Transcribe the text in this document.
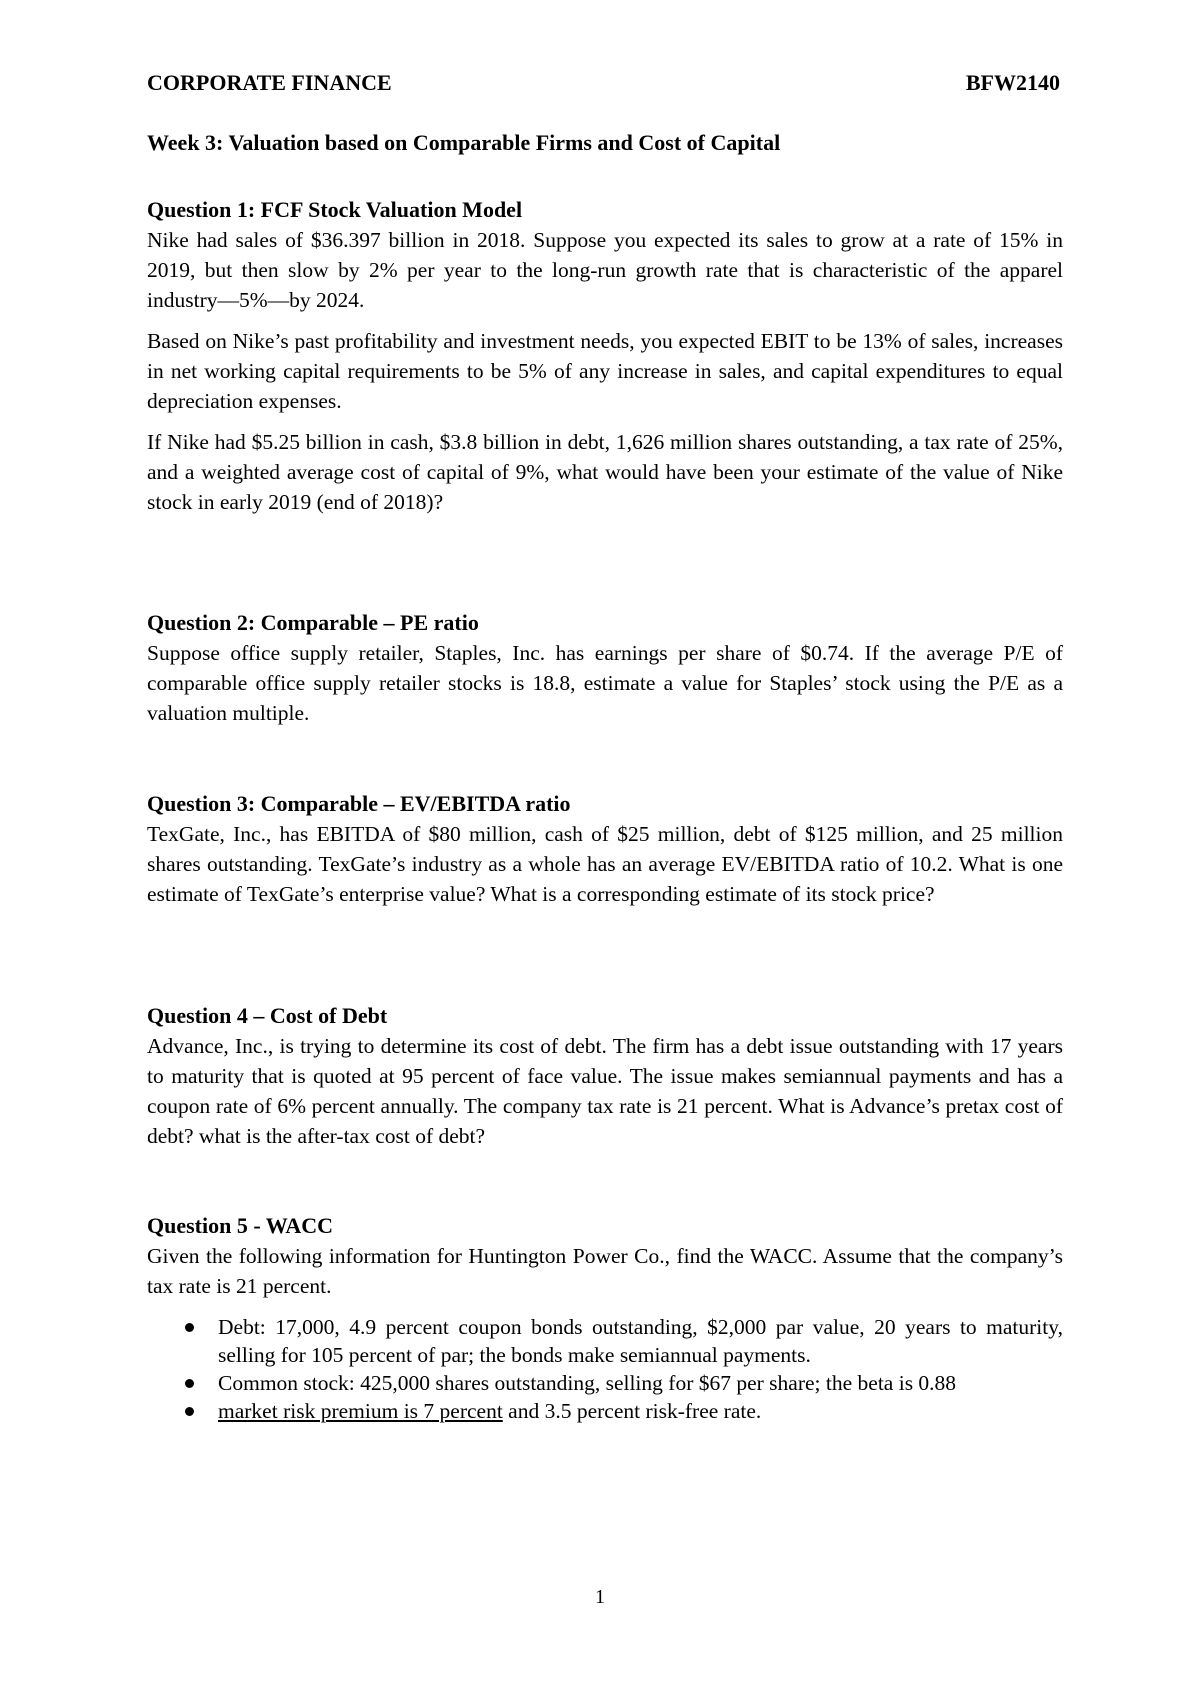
CORPORATE FINANCE	BFW2140
Week 3: Valuation based on Comparable Firms and Cost of Capital
Question 1: FCF Stock Valuation Model

Nike had sales of $36.397 billion in 2018. Suppose you expected its sales to grow at a rate of 15% in 2019, but then slow by 2% per year to the long-run growth rate that is characteristic of the apparel industry—5%—by 2024.

Based on Nike’s past profitability and investment needs, you expected EBIT to be 13% of sales, increases in net working capital requirements to be 5% of any increase in sales, and capital expenditures to equal depreciation expenses.

If Nike had $5.25 billion in cash, $3.8 billion in debt, 1,626 million shares outstanding, a tax rate of 25%, and a weighted average cost of capital of 9%, what would have been your estimate of the value of Nike stock in early 2019 (end of 2018)?

Question 2: Comparable – PE ratio

Suppose office supply retailer, Staples, Inc. has earnings per share of $0.74. If the average P/E of comparable office supply retailer stocks is 18.8, estimate a value for Staples’ stock using the P/E as a valuation multiple.

Question 3: Comparable – EV/EBITDA ratio

TexGate, Inc., has EBITDA of $80 million, cash of $25 million, debt of $125 million, and 25 million shares outstanding. TexGate’s industry as a whole has an average EV/EBITDA ratio of 10.2. What is one estimate of TexGate’s enterprise value? What is a corresponding estimate of its stock price?

Question 4 – Cost of Debt

Advance, Inc., is trying to determine its cost of debt. The firm has a debt issue outstanding with 17 years to maturity that is quoted at 95 percent of face value. The issue makes semiannual payments and has a coupon rate of 6% percent annually. The company tax rate is 21 percent. What is Advance’s pretax cost of debt? what is the after-tax cost of debt?

Question 5 - WACC

Given the following information for Huntington Power Co., find the WACC. Assume that the company’s tax rate is 21 percent.

Debt: 17,000, 4.9 percent coupon bonds outstanding, $2,000 par value, 20 years to maturity, selling for 105 percent of par; the bonds make semiannual payments.
Common stock: 425,000 shares outstanding, selling for $67 per share; the beta is 0.88
market risk premium is 7 percent and 3.5 percent risk-free rate.
1
